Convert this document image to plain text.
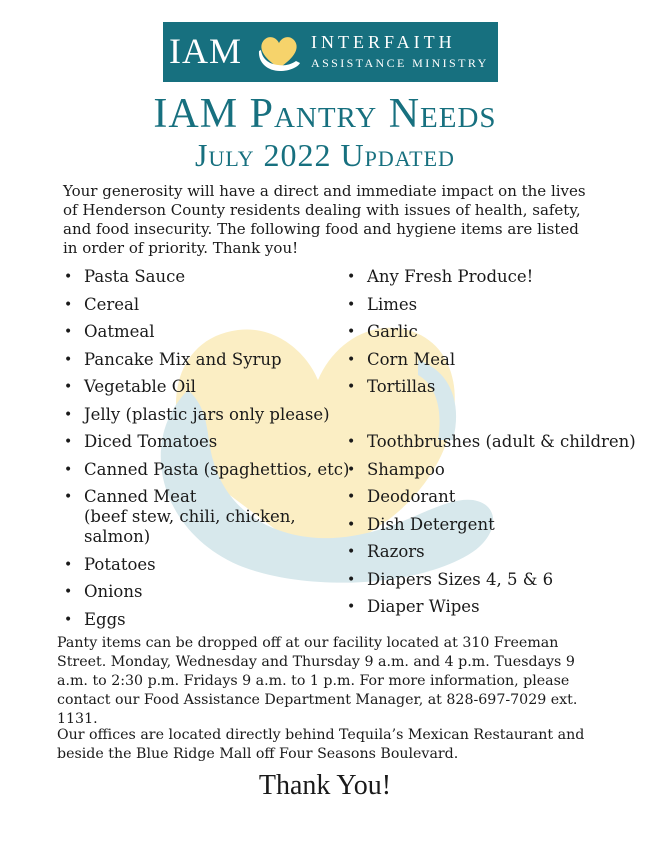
IAM	INTERFAITH
ASSISTANCE MINISTRY
IAM Pantry Needs
July 2022 Updated

Your generosity will have a direct and immediate impact on the lives of Henderson County residents dealing with issues of health, safety, and food insecurity. The following food and hygiene items are listed in order of priority. Thank you!

• Pasta Sauce
• Cereal
• Oatmeal
• Pancake Mix and Syrup
• Vegetable Oil
• Jelly (plastic jars only please)
• Diced Tomatoes
• Canned Pasta (spaghettios, etc)
• Canned Meat
(beef stew, chili, chicken, salmon)
• Potatoes
• Onions
• Eggs
• Any Fresh Produce!
• Limes
• Garlic
• Corn Meal
• Tortillas
• Toothbrushes (adult & children)
• Shampoo
• Deodorant
• Dish Detergent
• Razors
• Diapers Sizes 4, 5 & 6
• Diaper Wipes

Panty items can be dropped off at our facility located at 310 Freeman Street. Monday, Wednesday and Thursday 9 a.m. and 4 p.m. Tuesdays 9 a.m. to 2:30 p.m. Fridays 9 a.m. to 1 p.m. For more information, please contact our Food Assistance Department Manager, at 828-697-7029 ext. 1131.

Our offices are located directly behind Tequila’s Mexican Restaurant and beside the Blue Ridge Mall off Four Seasons Boulevard.

Thank You!
